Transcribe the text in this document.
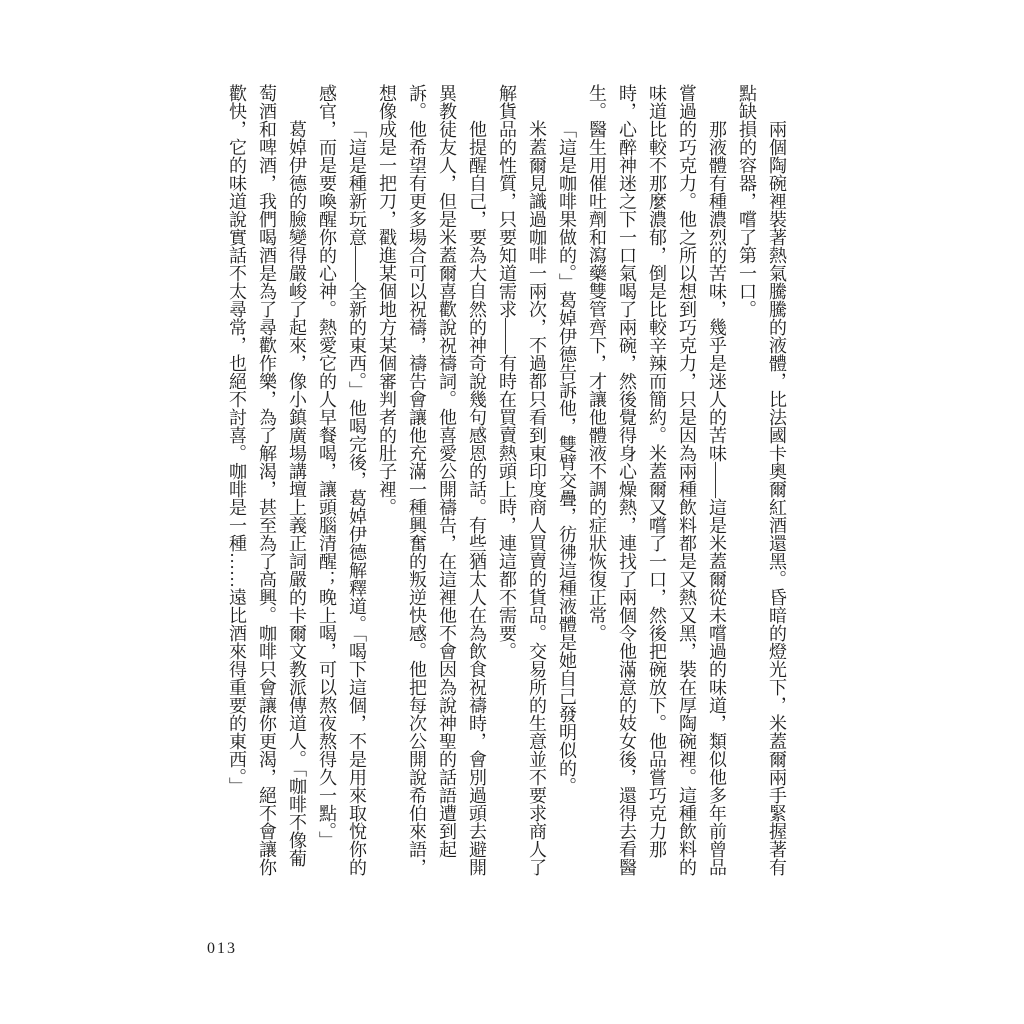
兩個陶碗裡裝著熱氣騰騰的液體，比法國卡奧爾紅酒還黑。昏暗的燈光下，米蓋爾兩手緊握著有點缺損的容器，嚐了第一口。

那液體有種濃烈的苦味，幾乎是迷人的苦味——這是米蓋爾從未嚐過的味道，類似他多年前曾品嘗過的巧克力。他之所以想到巧克力，只是因為兩種飲料都是又熱又黑，裝在厚陶碗裡。這種飲料的味道比較不那麼濃郁，倒是比較辛辣而簡約。米蓋爾又嚐了一口，然後把碗放下。他品嘗巧克力那時，心醉神迷之下一口氣喝了兩碗，然後覺得身心燥熱，連找了兩個令他滿意的妓女後，還得去看醫生。醫生用催吐劑和瀉藥雙管齊下，才讓他體液不調的症狀恢復正常。

「這是咖啡果做的。」葛婥伊德告訴他，雙臂交疊，彷彿這種液體是她自己發明似的。

米蓋爾見識過咖啡一兩次，不過都只看到東印度商人買賣的貨品。交易所的生意並不要求商人了解貨品的性質，只要知道需求——有時在買賣熱頭上時，連這都不需要。

他提醒自己，要為大自然的神奇說幾句感恩的話。有些猶太人在為飲食祝禱時，會別過頭去避開異教徒友人，但是米蓋爾喜歡說祝禱詞。他喜愛公開禱告，在這裡他不會因為說神聖的話語遭到起訴。他希望有更多場合可以祝禱，禱告會讓他充滿一種興奮的叛逆快感。他把每次公開說希伯來語，想像成是一把刀，戳進某個地方某個審判者的肚子裡。

「這是種新玩意——全新的東西。」他喝完後，葛婥伊德解釋道。「喝下這個，不是用來取悅你的感官，而是要喚醒你的心神。熱愛它的人早餐喝，讓頭腦清醒；晚上喝，可以熬夜熬得久一點。」

葛婥伊德的臉變得嚴峻了起來，像小鎮廣場講壇上義正詞嚴的卡爾文教派傳道人。「咖啡不像葡萄酒和啤酒，我們喝酒是為了尋歡作樂，為了解渴，甚至為了高興。咖啡只會讓你更渴，絕不會讓你歡快，它的味道說實話不太尋常，也絕不討喜。咖啡是一種……遠比酒來得重要的東西。」

013
